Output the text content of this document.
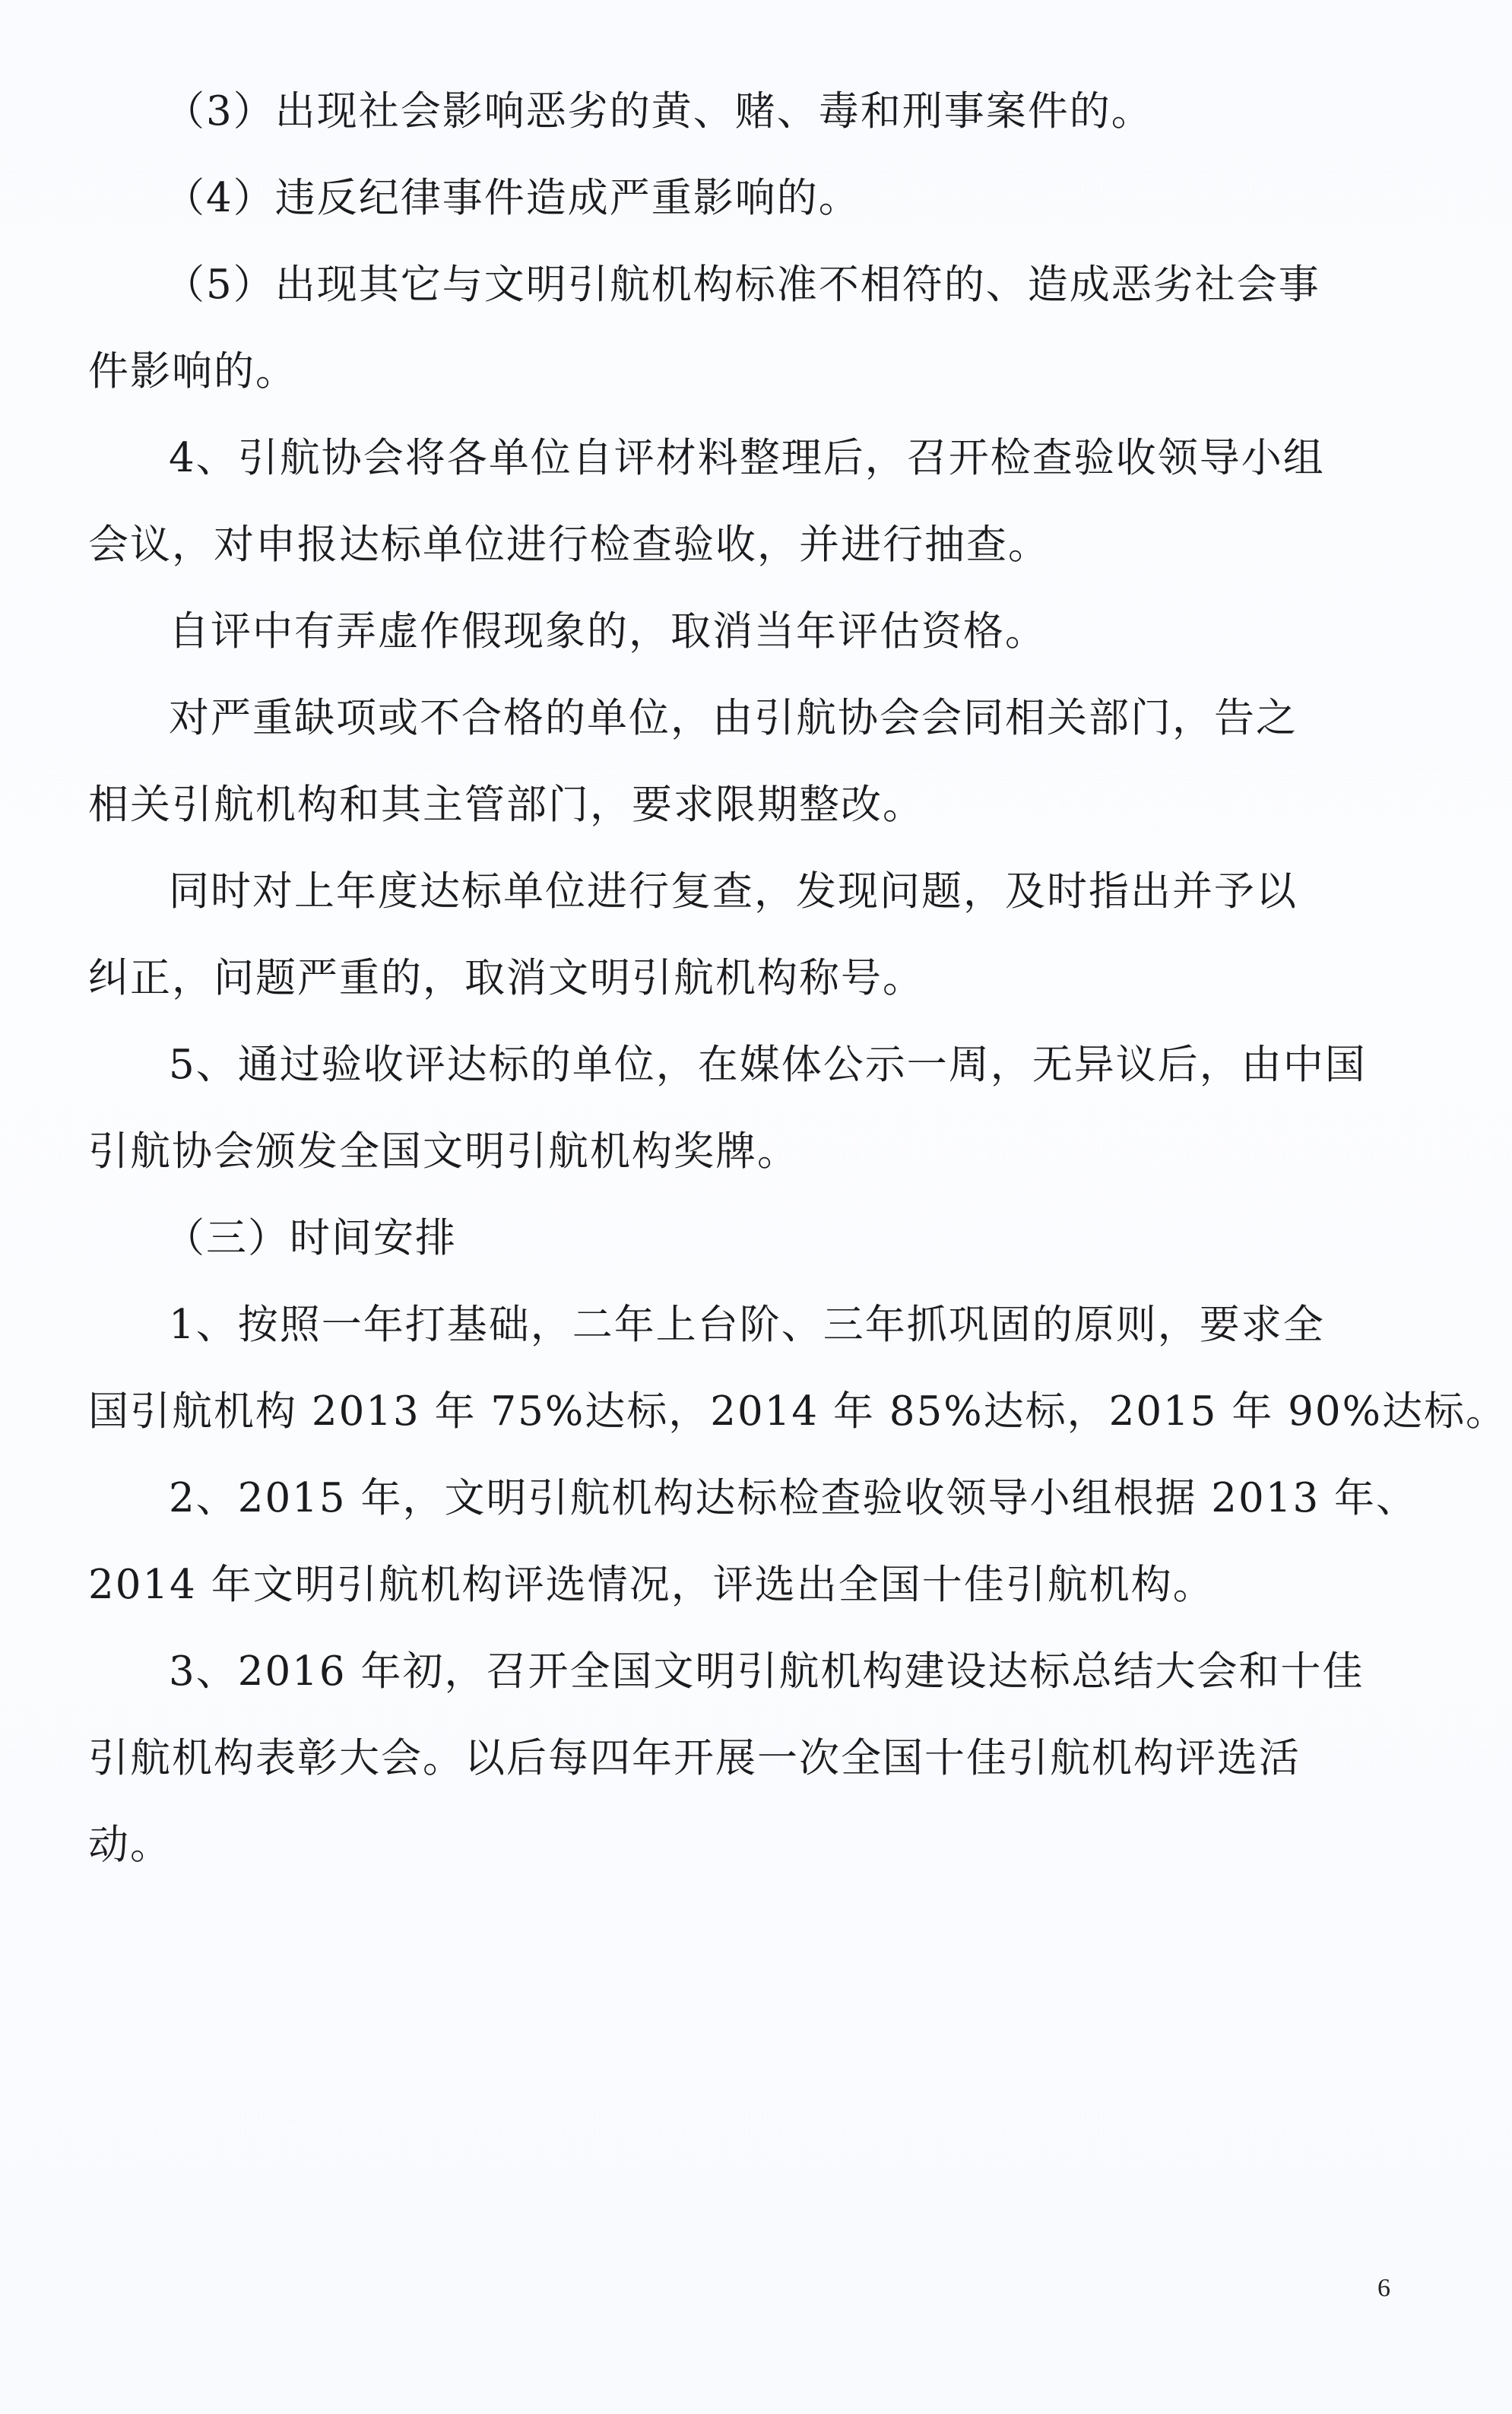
（3）出现社会影响恶劣的黄、赌、毒和刑事案件的。
（4）违反纪律事件造成严重影响的。
（5）出现其它与文明引航机构标准不相符的、造成恶劣社会事
件影响的。
4、引航协会将各单位自评材料整理后，召开检查验收领导小组
会议，对申报达标单位进行检查验收，并进行抽查。
自评中有弄虚作假现象的，取消当年评估资格。
对严重缺项或不合格的单位，由引航协会会同相关部门，告之
相关引航机构和其主管部门，要求限期整改。
同时对上年度达标单位进行复查，发现问题，及时指出并予以
纠正，问题严重的，取消文明引航机构称号。
5、通过验收评达标的单位，在媒体公示一周，无异议后，由中国
引航协会颁发全国文明引航机构奖牌。
（三）时间安排
1、按照一年打基础，二年上台阶、三年抓巩固的原则，要求全
国引航机构 2013 年 75%达标，2014 年 85%达标，2015 年 90%达标。
2、2015 年，文明引航机构达标检查验收领导小组根据 2013 年、
2014 年文明引航机构评选情况，评选出全国十佳引航机构。
3、2016 年初，召开全国文明引航机构建设达标总结大会和十佳
引航机构表彰大会。以后每四年开展一次全国十佳引航机构评选活
动。
6
